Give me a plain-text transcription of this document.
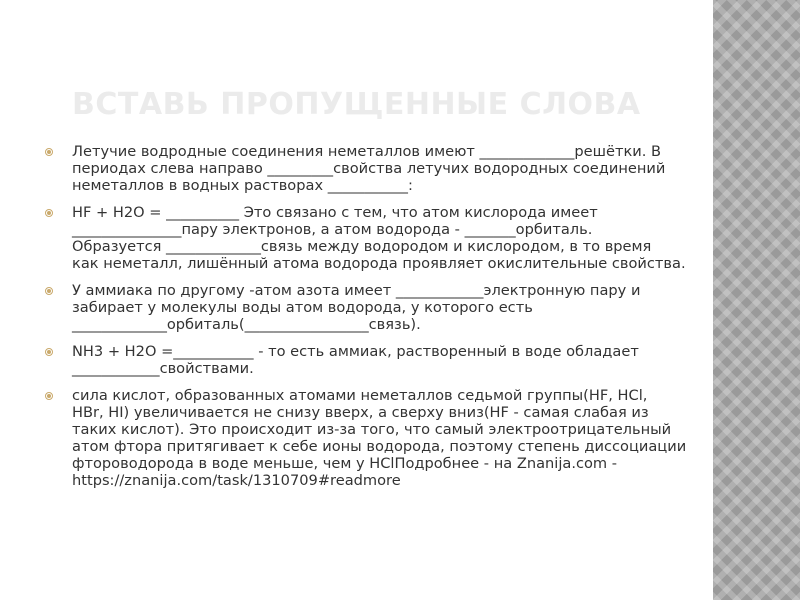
ВСТАВЬ ПРОПУЩЕННЫЕ СЛОВА
Летучие водродные соединения неметаллов имеют _____________решётки. В
периодах слева направо _________свойства летучих водородных соединений
неметаллов в водных растворах ___________:
HF + H2O = __________ Это связано с тем, что атом кислорода имеет
_______________пару электронов, а атом водорода - _______орбиталь.
Образуется _____________связь между водородом и кислородом, в то время
как неметалл, лишённый атома водорода проявляет окислительные свойства.
У аммиака по другому -атом азота имеет ____________электронную пару и
забирает у молекулы воды атом водорода, у которого есть
_____________орбиталь(_________________связь).
NH3 + H2O =___________ - то есть аммиак, растворенный в воде обладает
____________свойствами.
сила кислот, образованных атомами неметаллов седьмой группы(HF, HCl,
HBr, HI) увеличивается не снизу вверх, а сверху вниз(HF - самая слабая из
таких кислот). Это происходит из-за того, что самый электроотрицательный
атом фтора притягивает к себе ионы водорода, поэтому степень диссоциации
фтороводорода в воде меньше, чем у HClПодробнее - на Znanija.com -
https://znanija.com/task/1310709#readmore
